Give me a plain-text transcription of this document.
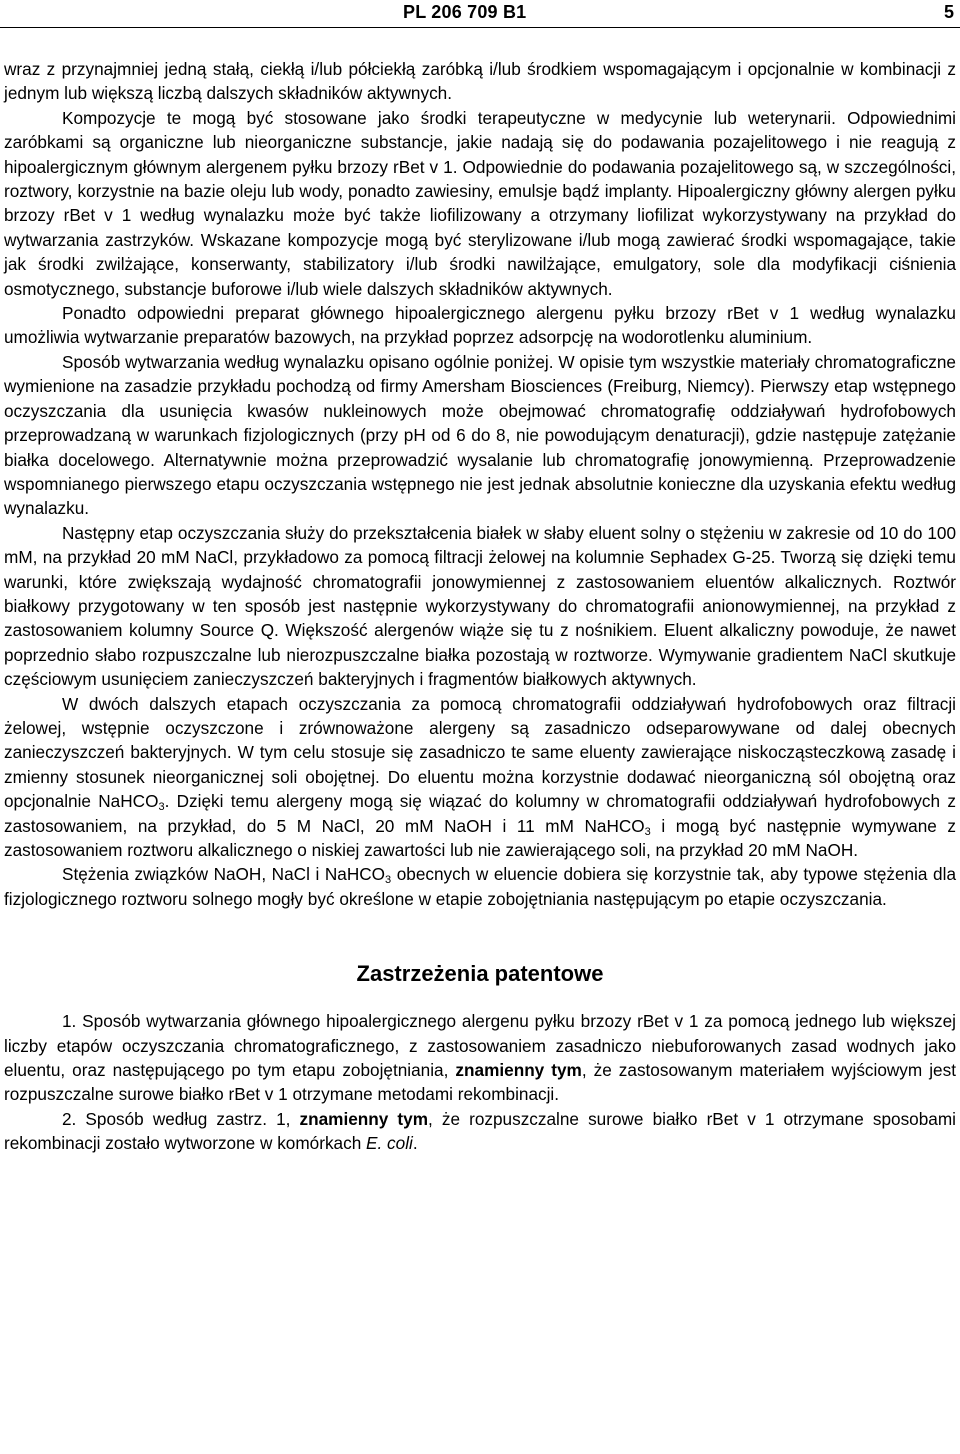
PL 206 709 B1	5

wraz z przynajmniej jedną stałą, ciekłą i/lub półciekłą zaróbką i/lub środkiem wspomagającym i opcjonalnie w kombinacji z jednym lub większą liczbą dalszych składników aktywnych.

Kompozycje te mogą być stosowane jako środki terapeutyczne w medycynie lub weterynarii. Odpowiednimi zaróbkami są organiczne lub nieorganiczne substancje, jakie nadają się do podawania pozajelitowego i nie reagują z hipoalergicznym głównym alergenem pyłku brzozy rBet v 1. Odpowiednie do podawania pozajelitowego są, w szczególności, roztwory, korzystnie na bazie oleju lub wody, ponadto zawiesiny, emulsje bądź implanty. Hipoalergiczny główny alergen pyłku brzozy rBet v 1 według wynalazku może być także liofilizowany a otrzymany liofilizat wykorzystywany na przykład do wytwarzania zastrzyków. Wskazane kompozycje mogą być sterylizowane i/lub mogą zawierać środki wspomagające, takie jak środki zwilżające, konserwanty, stabilizatory i/lub środki nawilżające, emulgatory, sole dla modyfikacji ciśnienia osmotycznego, substancje buforowe i/lub wiele dalszych składników aktywnych.

Ponadto odpowiedni preparat głównego hipoalergicznego alergenu pyłku brzozy rBet v 1 według wynalazku umożliwia wytwarzanie preparatów bazowych, na przykład poprzez adsorpcję na wodorotlenku aluminium.

Sposób wytwarzania według wynalazku opisano ogólnie poniżej. W opisie tym wszystkie materiały chromatograficzne wymienione na zasadzie przykładu pochodzą od firmy Amersham Biosciences (Freiburg, Niemcy). Pierwszy etap wstępnego oczyszczania dla usunięcia kwasów nukleinowych może obejmować chromatografię oddziaływań hydrofobowych przeprowadzaną w warunkach fizjologicznych (przy pH od 6 do 8, nie powodującym denaturacji), gdzie następuje zatężanie białka docelowego. Alternatywnie można przeprowadzić wysalanie lub chromatografię jonowymienną. Przeprowadzenie wspomnianego pierwszego etapu oczyszczania wstępnego nie jest jednak absolutnie konieczne dla uzyskania efektu według wynalazku.

Następny etap oczyszczania służy do przekształcenia białek w słaby eluent solny o stężeniu w zakresie od 10 do 100 mM, na przykład 20 mM NaCl, przykładowo za pomocą filtracji żelowej na kolumnie Sephadex G-25. Tworzą się dzięki temu warunki, które zwiększają wydajność chromatografii jonowymiennej z zastosowaniem eluentów alkalicznych. Roztwór białkowy przygotowany w ten sposób jest następnie wykorzystywany do chromatografii anionowymiennej, na przykład z zastosowaniem kolumny Source Q. Większość alergenów wiąże się tu z nośnikiem. Eluent alkaliczny powoduje, że nawet poprzednio słabo rozpuszczalne lub nierozpuszczalne białka pozostają w roztworze. Wymywanie gradientem NaCl skutkuje częściowym usunięciem zanieczyszczeń bakteryjnych i fragmentów białkowych aktywnych.

W dwóch dalszych etapach oczyszczania za pomocą chromatografii oddziaływań hydrofobowych oraz filtracji żelowej, wstępnie oczyszczone i zrównoważone alergeny są zasadniczo odseparowywane od dalej obecnych zanieczyszczeń bakteryjnych. W tym celu stosuje się zasadniczo te same eluenty zawierające niskocząsteczkową zasadę i zmienny stosunek nieorganicznej soli obojętnej. Do eluentu można korzystnie dodawać nieorganiczną sól obojętną oraz opcjonalnie NaHCO$_3$. Dzięki temu alergeny mogą się wiązać do kolumny w chromatografii oddziaływań hydrofobowych z zastosowaniem, na przykład, do 5 M NaCl, 20 mM NaOH i 11 mM NaHCO$_3$ i mogą być następnie wymywane z zastosowaniem roztworu alkalicznego o niskiej zawartości lub nie zawierającego soli, na przykład 20 mM NaOH.

Stężenia związków NaOH, NaCl i NaHCO$_3$ obecnych w eluencie dobiera się korzystnie tak, aby typowe stężenia dla fizjologicznego roztworu solnego mogły być określone w etapie zobojętniania następującym po etapie oczyszczania.

Zastrzeżenia patentowe

1. Sposób wytwarzania głównego hipoalergicznego alergenu pyłku brzozy rBet v 1 za pomocą jednego lub większej liczby etapów oczyszczania chromatograficznego, z zastosowaniem zasadniczo niebuforowanych zasad wodnych jako eluentu, oraz następującego po tym etapu zobojętniania, znamienny tym, że zastosowanym materiałem wyjściowym jest rozpuszczalne surowe białko rBet v 1 otrzymane metodami rekombinacji.

2. Sposób według zastrz. 1, znamienny tym, że rozpuszczalne surowe białko rBet v 1 otrzymane sposobami rekombinacji zostało wytworzone w komórkach E. coli.
